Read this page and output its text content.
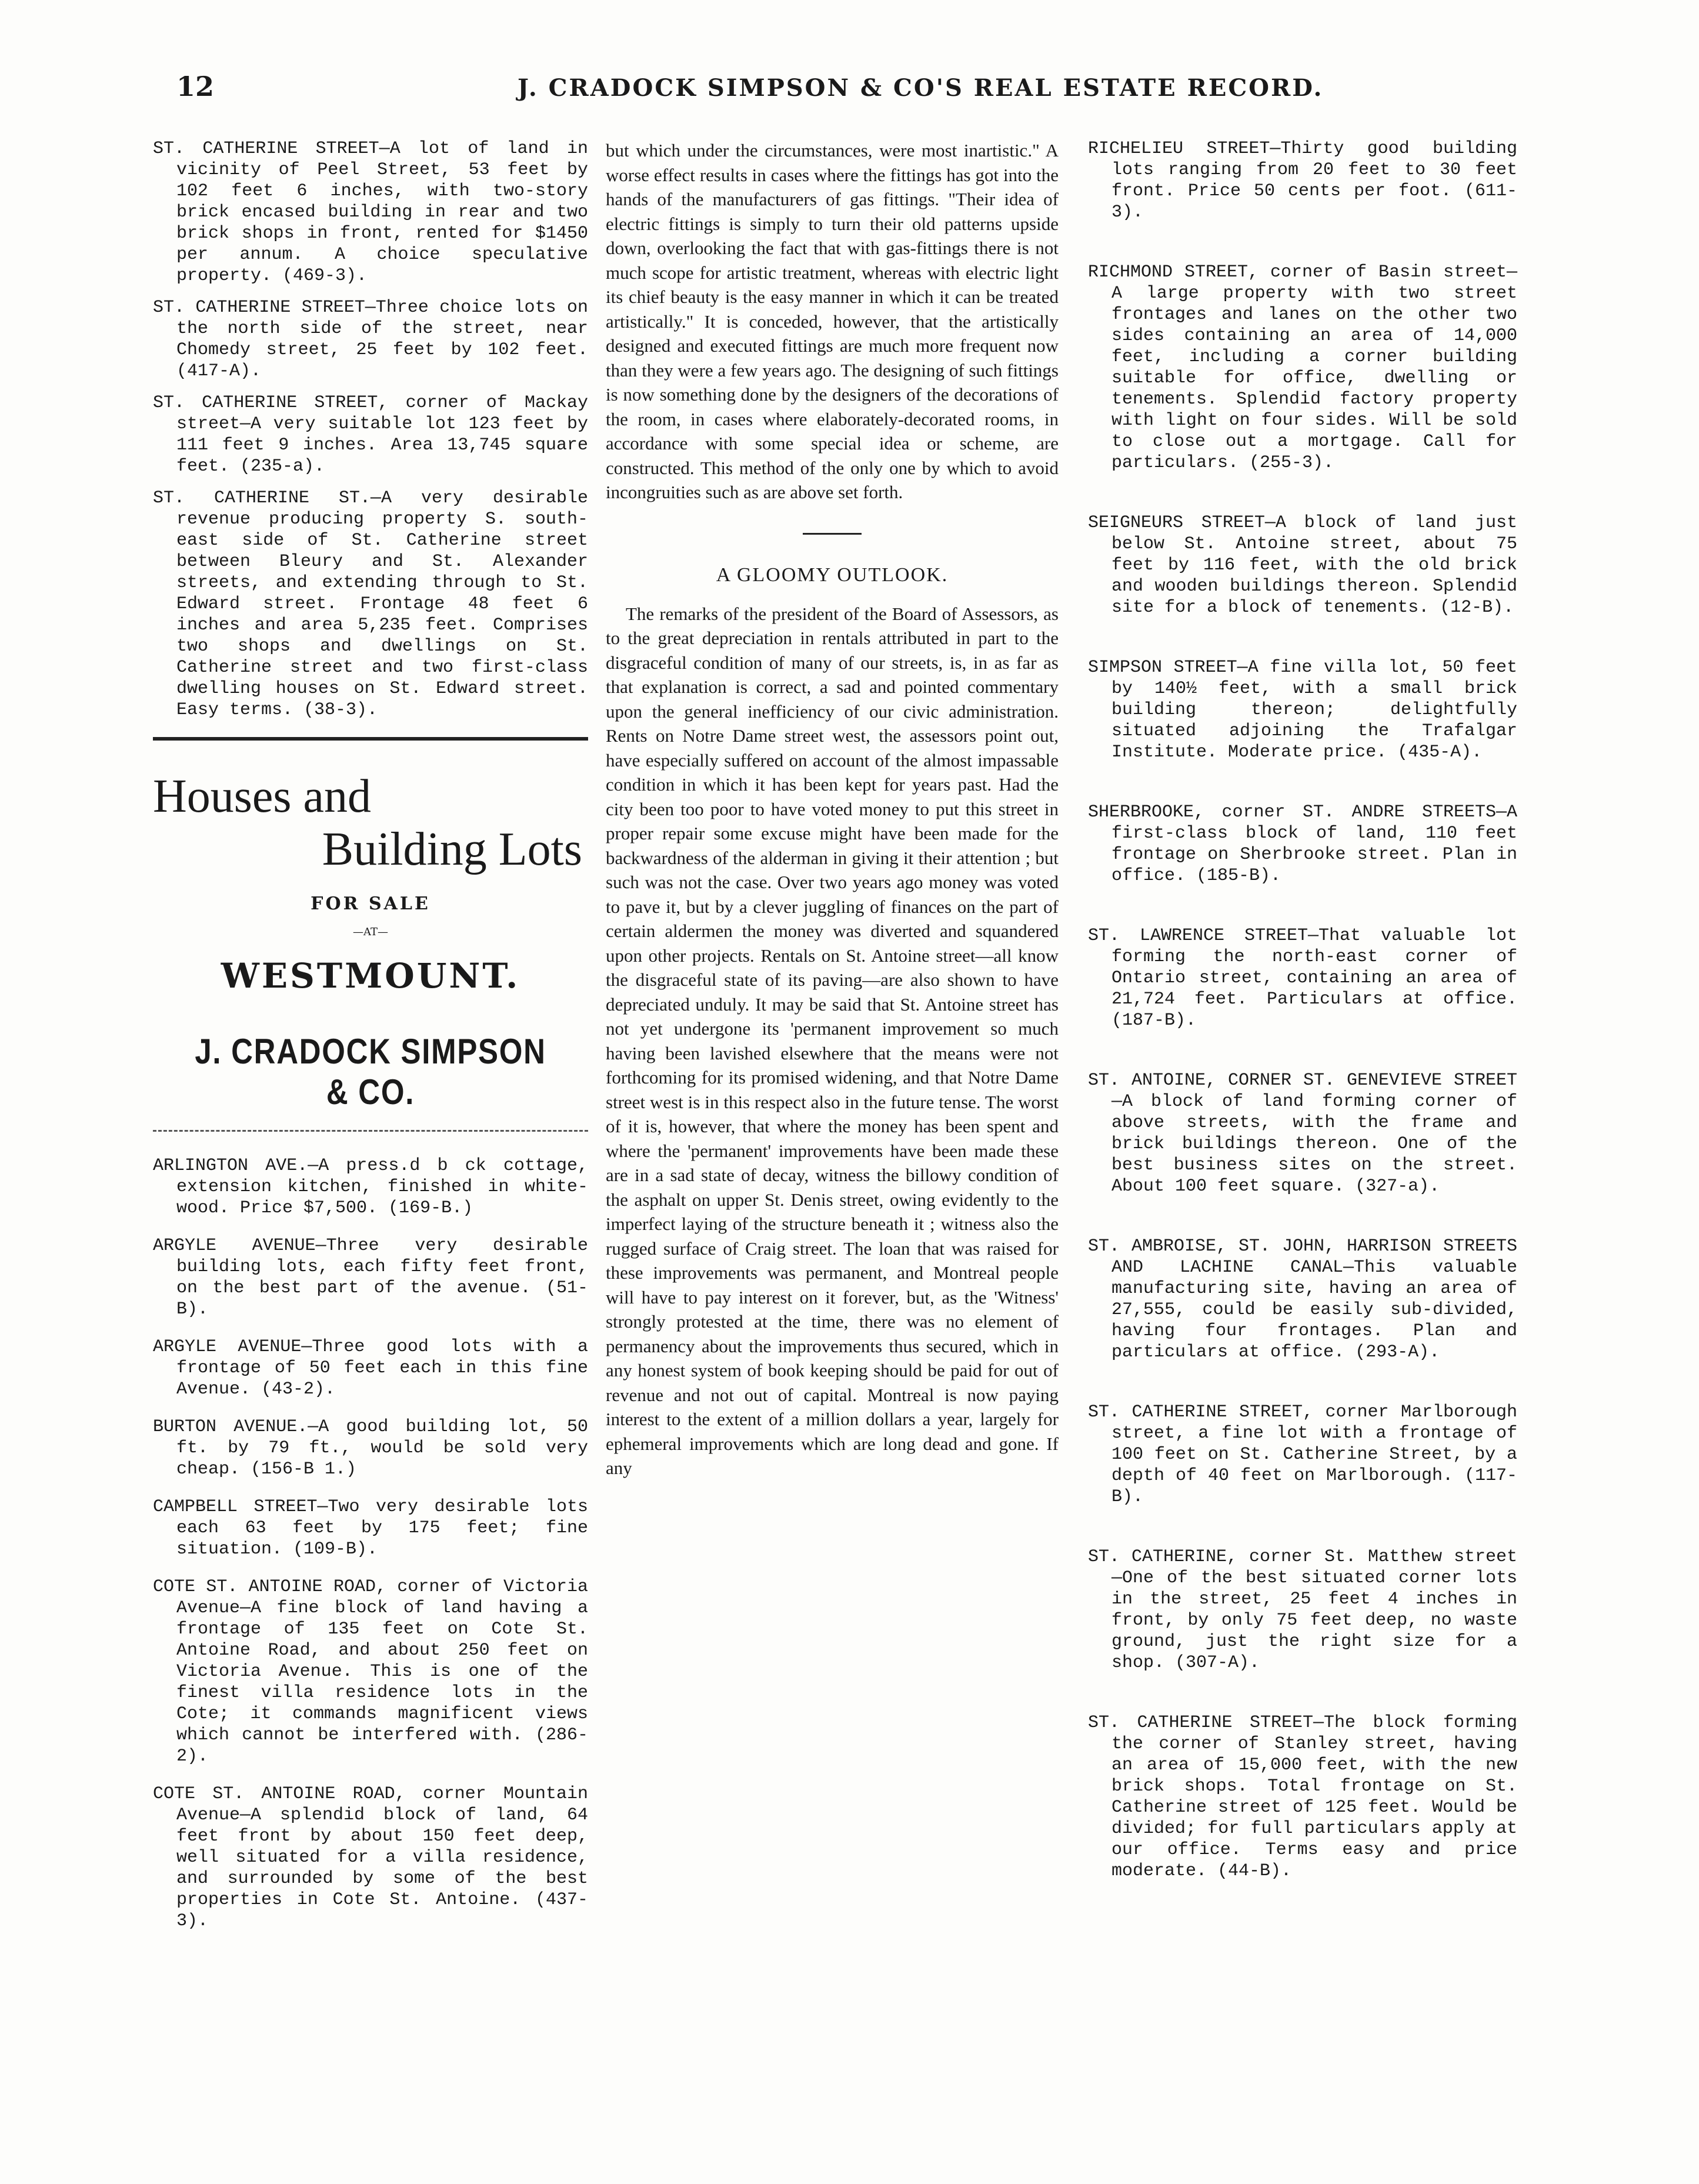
12	J. CRADOCK SIMPSON & CO'S REAL ESTATE RECORD.

ST. CATHERINE STREET—A lot of land in vicinity of Peel Street, 53 feet by 102 feet 6 inches, with two-story brick encased building in rear and two brick shops in front, rented for $1450 per annum. A choice speculative property. (469-3).

ST. CATHERINE STREET—Three choice lots on the north side of the street, near Chomedy street, 25 feet by 102 feet. (417-A).

ST. CATHERINE STREET, corner of Mackay street—A very suitable lot 123 feet by 111 feet 9 inches. Area 13,745 square feet. (235-a).

ST. CATHERINE ST.—A very desirable revenue producing property S. south-east side of St. Catherine street between Bleury and St. Alexander streets, and extending through to St. Edward street. Frontage 48 feet 6 inches and area 5,235 feet. Comprises two shops and dwellings on St. Catherine street and two first-class dwelling houses on St. Edward street. Easy terms. (38-3).

Houses and
Building Lots
FOR SALE
—AT—
WESTMOUNT.
J. CRADOCK SIMPSON & CO.

ARLINGTON AVE.—A press.d b ck cottage, extension kitchen, finished in white-wood. Price $7,500. (169-B.)

ARGYLE AVENUE—Three very desirable building lots, each fifty feet front, on the best part of the avenue. (51-B).

ARGYLE AVENUE—Three good lots with a frontage of 50 feet each in this fine Avenue. (43-2).

BURTON AVENUE.—A good building lot, 50 ft. by 79 ft., would be sold very cheap. (156-B 1.)

CAMPBELL STREET—Two very desirable lots each 63 feet by 175 feet; fine situation. (109-B).

COTE ST. ANTOINE ROAD, corner of Victoria Avenue—A fine block of land having a frontage of 135 feet on Cote St. Antoine Road, and about 250 feet on Victoria Avenue. This is one of the finest villa residence lots in the Cote; it commands magnificent views which cannot be interfered with. (286-2).

COTE ST. ANTOINE ROAD, corner Mountain Avenue—A splendid block of land, 64 feet front by about 150 feet deep, well situated for a villa residence, and surrounded by some of the best properties in Cote St. Antoine. (437-3).

but which under the circumstances, were most inartistic." A worse effect results in cases where the fittings has got into the hands of the manufacturers of gas fittings. "Their idea of electric fittings is simply to turn their old patterns upside down, overlooking the fact that with gas-fittings there is not much scope for artistic treatment, whereas with electric light its chief beauty is the easy manner in which it can be treated artistically." It is conceded, however, that the artistically designed and executed fittings are much more frequent now than they were a few years ago. The designing of such fittings is now something done by the designers of the decorations of the room, in cases where elaborately-decorated rooms, in accordance with some special idea or scheme, are constructed. This method of the only one by which to avoid incongruities such as are above set forth.

A GLOOMY OUTLOOK.

The remarks of the president of the Board of Assessors, as to the great depreciation in rentals attributed in part to the disgraceful condition of many of our streets, is, in as far as that explanation is correct, a sad and pointed commentary upon the general inefficiency of our civic administration. Rents on Notre Dame street west, the assessors point out, have especially suffered on account of the almost impassable condition in which it has been kept for years past. Had the city been too poor to have voted money to put this street in proper repair some excuse might have been made for the backwardness of the alderman in giving it their attention ; but such was not the case. Over two years ago money was voted to pave it, but by a clever juggling of finances on the part of certain aldermen the money was diverted and squandered upon other projects. Rentals on St. Antoine street—all know the disgraceful state of its paving—are also shown to have depreciated unduly. It may be said that St. Antoine street has not yet undergone its 'permanent improvement so much having been lavished elsewhere that the means were not forthcoming for its promised widening, and that Notre Dame street west is in this respect also in the future tense. The worst of it is, however, that where the money has been spent and where the 'permanent' improvements have been made these are in a sad state of decay, witness the billowy condition of the asphalt on upper St. Denis street, owing evidently to the imperfect laying of the structure beneath it ; witness also the rugged surface of Craig street. The loan that was raised for these improvements was permanent, and Montreal people will have to pay interest on it forever, but, as the 'Witness' strongly protested at the time, there was no element of permanency about the improvements thus secured, which in any honest system of book keeping should be paid for out of revenue and not out of capital. Montreal is now paying interest to the extent of a million dollars a year, largely for ephemeral improvements which are long dead and gone. If any

RICHELIEU STREET—Thirty good building lots ranging from 20 feet to 30 feet front. Price 50 cents per foot. (611-3).

RICHMOND STREET, corner of Basin street—A large property with two street frontages and lanes on the other two sides containing an area of 14,000 feet, including a corner building suitable for office, dwelling or tenements. Splendid factory property with light on four sides. Will be sold to close out a mortgage. Call for particulars. (255-3).

SEIGNEURS STREET—A block of land just below St. Antoine street, about 75 feet by 116 feet, with the old brick and wooden buildings thereon. Splendid site for a block of tenements. (12-B).

SIMPSON STREET—A fine villa lot, 50 feet by 140½ feet, with a small brick building thereon; delightfully situated adjoining the Trafalgar Institute. Moderate price. (435-A).

SHERBROOKE, corner ST. ANDRE STREETS—A first-class block of land, 110 feet frontage on Sherbrooke street. Plan in office. (185-B).

ST. LAWRENCE STREET—That valuable lot forming the north-east corner of Ontario street, containing an area of 21,724 feet. Particulars at office. (187-B).

ST. ANTOINE, CORNER ST. GENEVIEVE STREET—A block of land forming corner of above streets, with the frame and brick buildings thereon. One of the best business sites on the street. About 100 feet square. (327-a).

ST. AMBROISE, ST. JOHN, HARRISON STREETS AND LACHINE CANAL—This valuable manufacturing site, having an area of 27,555, could be easily sub-divided, having four frontages. Plan and particulars at office. (293-A).

ST. CATHERINE STREET, corner Marlborough street, a fine lot with a frontage of 100 feet on St. Catherine Street, by a depth of 40 feet on Marlborough. (117-B).

ST. CATHERINE, corner St. Matthew street—One of the best situated corner lots in the street, 25 feet 4 inches in front, by only 75 feet deep, no waste ground, just the right size for a shop. (307-A).

ST. CATHERINE STREET—The block forming the corner of Stanley street, having an area of 15,000 feet, with the new brick shops. Total frontage on St. Catherine street of 125 feet. Would be divided; for full particulars apply at our office. Terms easy and price moderate. (44-B).
